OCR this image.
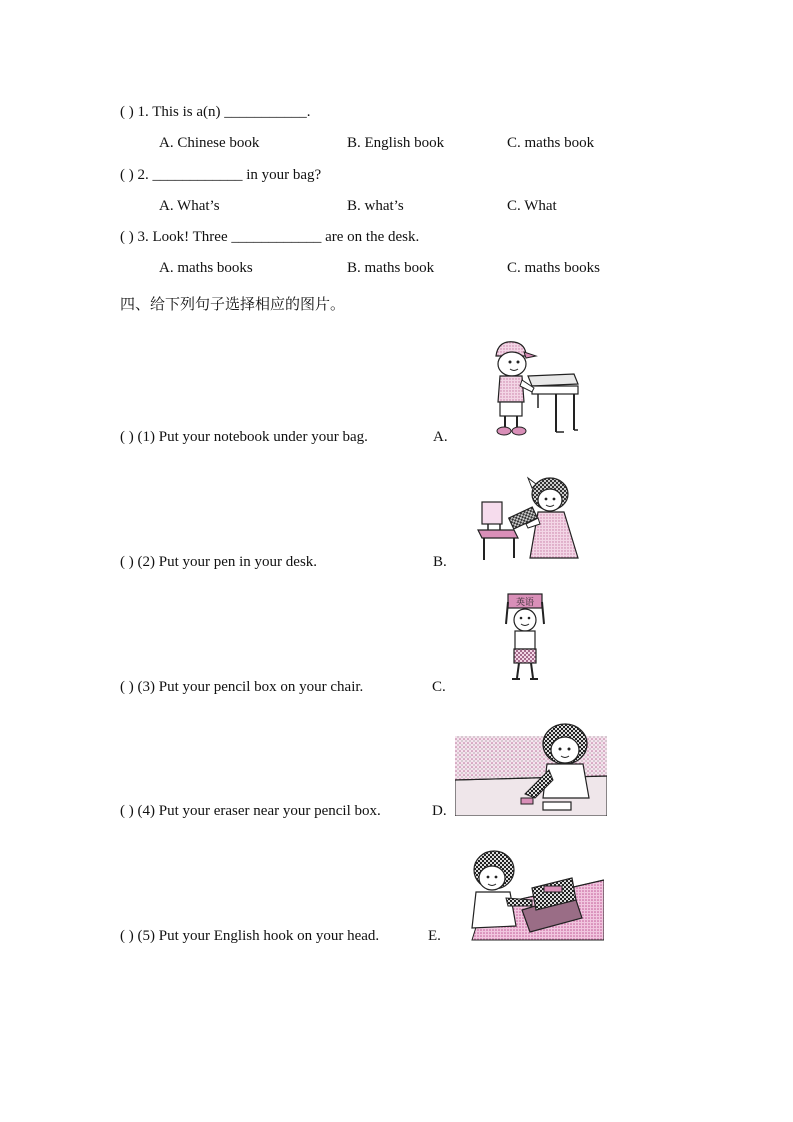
( ) 1. This is a(n) ___________.
A. Chinese book	B. English book	C. maths book
( ) 2. ____________ in your bag?
A. What’s	B. what’s	C. What
( ) 3. Look! Three ____________ are on the desk.
A. maths books	B. maths book	C. maths books
四、给下列句子选择相应的图片。
( ) (1) Put your notebook under your bag.	A.
( ) (2) Put your pen in your desk.	B.
( ) (3) Put your pencil box on your chair.	C.
( ) (4) Put your eraser near your pencil box.	D.
( ) (5) Put your English hook on your head.	E.
英语
